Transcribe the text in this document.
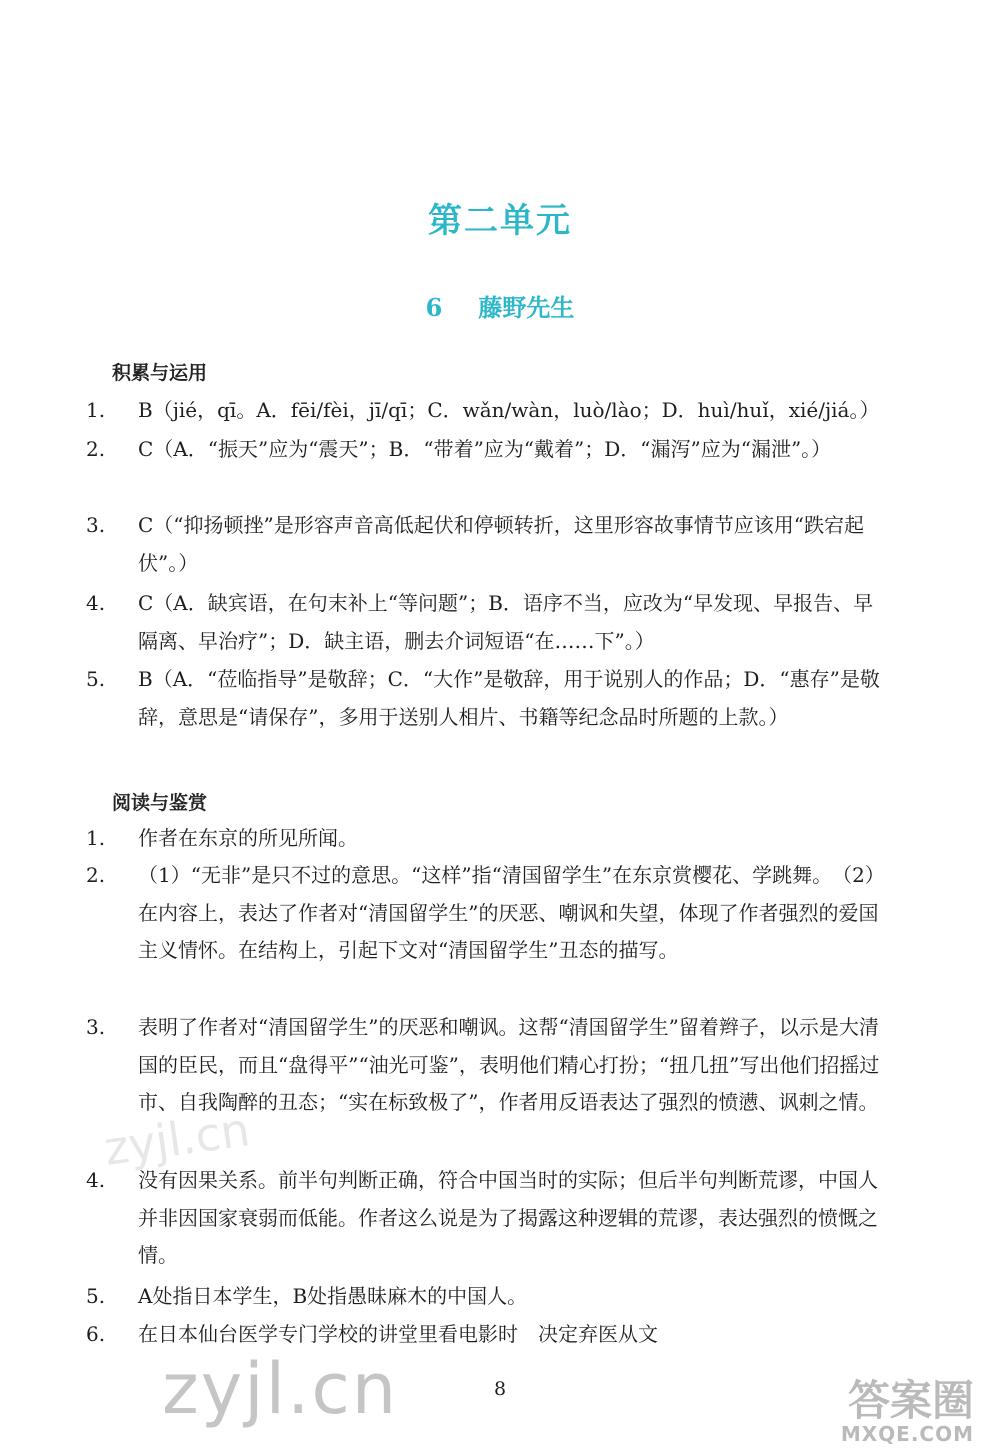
第二单元
6 藤野先生
积累与运用
1. B（jié，qī。A．fēi/fèi，jī/qī；C．wǎn/wàn，luò/lào；D．huì/huǐ，xié/jiá。）
2. C（A．“振天”应为“震天”；B．“带着”应为“戴着”；D．“漏泻”应为“漏泄”。）
3. C（“抑扬顿挫”是形容声音高低起伏和停顿转折，这里形容故事情节应该用“跌宕起伏”。）
4. C（A．缺宾语，在句末补上“等问题”；B．语序不当，应改为“早发现、早报告、早隔离、早治疗”；D．缺主语，删去介词短语“在……下”。）
5. B（A．“莅临指导”是敬辞；C．“大作”是敬辞，用于说别人的作品；D．“惠存”是敬辞，意思是“请保存”，多用于送别人相片、书籍等纪念品时所题的上款。）
阅读与鉴赏
1. 作者在东京的所见所闻。
2. （1）“无非”是只不过的意思。“这样”指“清国留学生”在东京赏樱花、学跳舞。　（2）在内容上，表达了作者对“清国留学生”的厌恶、嘲讽和失望，体现了作者强烈的爱国主义情怀。在结构上，引起下文对“清国留学生”丑态的描写。
3. 表明了作者对“清国留学生”的厌恶和嘲讽。这帮“清国留学生”留着辫子，以示是大清国的臣民，而且“盘得平”“油光可鉴”，表明他们精心打扮；“扭几扭”写出他们招摇过市、自我陶醉的丑态；“实在标致极了”，作者用反语表达了强烈的愤懑、讽刺之情。
4. 没有因果关系。前半句判断正确，符合中国当时的实际；但后半句判断荒谬，中国人并非因国家衰弱而低能。作者这么说是为了揭露这种逻辑的荒谬，表达强烈的愤慨之情。
5. A处指日本学生，B处指愚昧麻木的中国人。
6. 在日本仙台医学专门学校的讲堂里看电影时　决定弃医从文
8
zyjl.cn
zyjl.cn	答案圈
MXQE.COM
